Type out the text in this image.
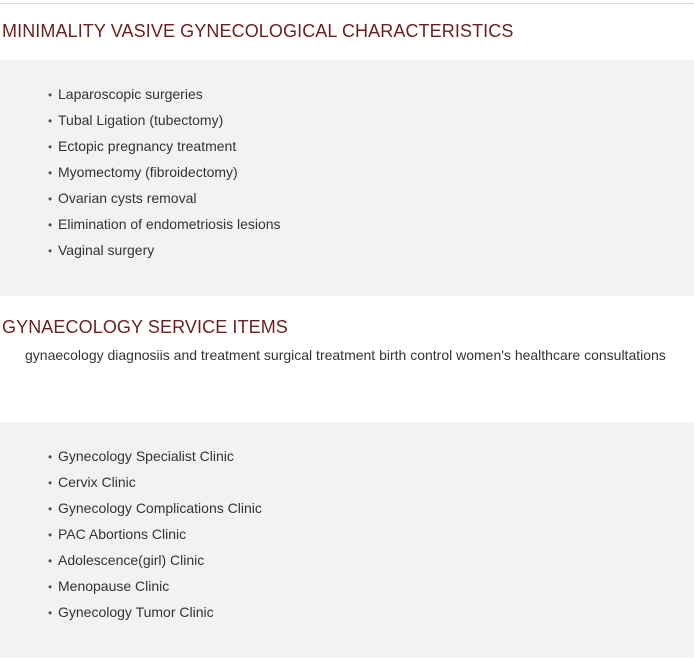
MINIMALITY VASIVE GYNECOLOGICAL CHARACTERISTICS
• Laparoscopic surgeries
• Tubal Ligation (tubectomy)
• Ectopic pregnancy treatment
• Myomectomy (fibroidectomy)
• Ovarian cysts removal
• Elimination of endometriosis lesions
• Vaginal surgery
GYNAECOLOGY SERVICE ITEMS

gynaecology diagnosiis and treatment surgical treatment birth control women's healthcare consultations

• Gynecology Specialist Clinic
• Cervix Clinic
• Gynecology Complications Clinic
• PAC Abortions Clinic
• Adolescence(girl) Clinic
• Menopause Clinic
• Gynecology Tumor Clinic
